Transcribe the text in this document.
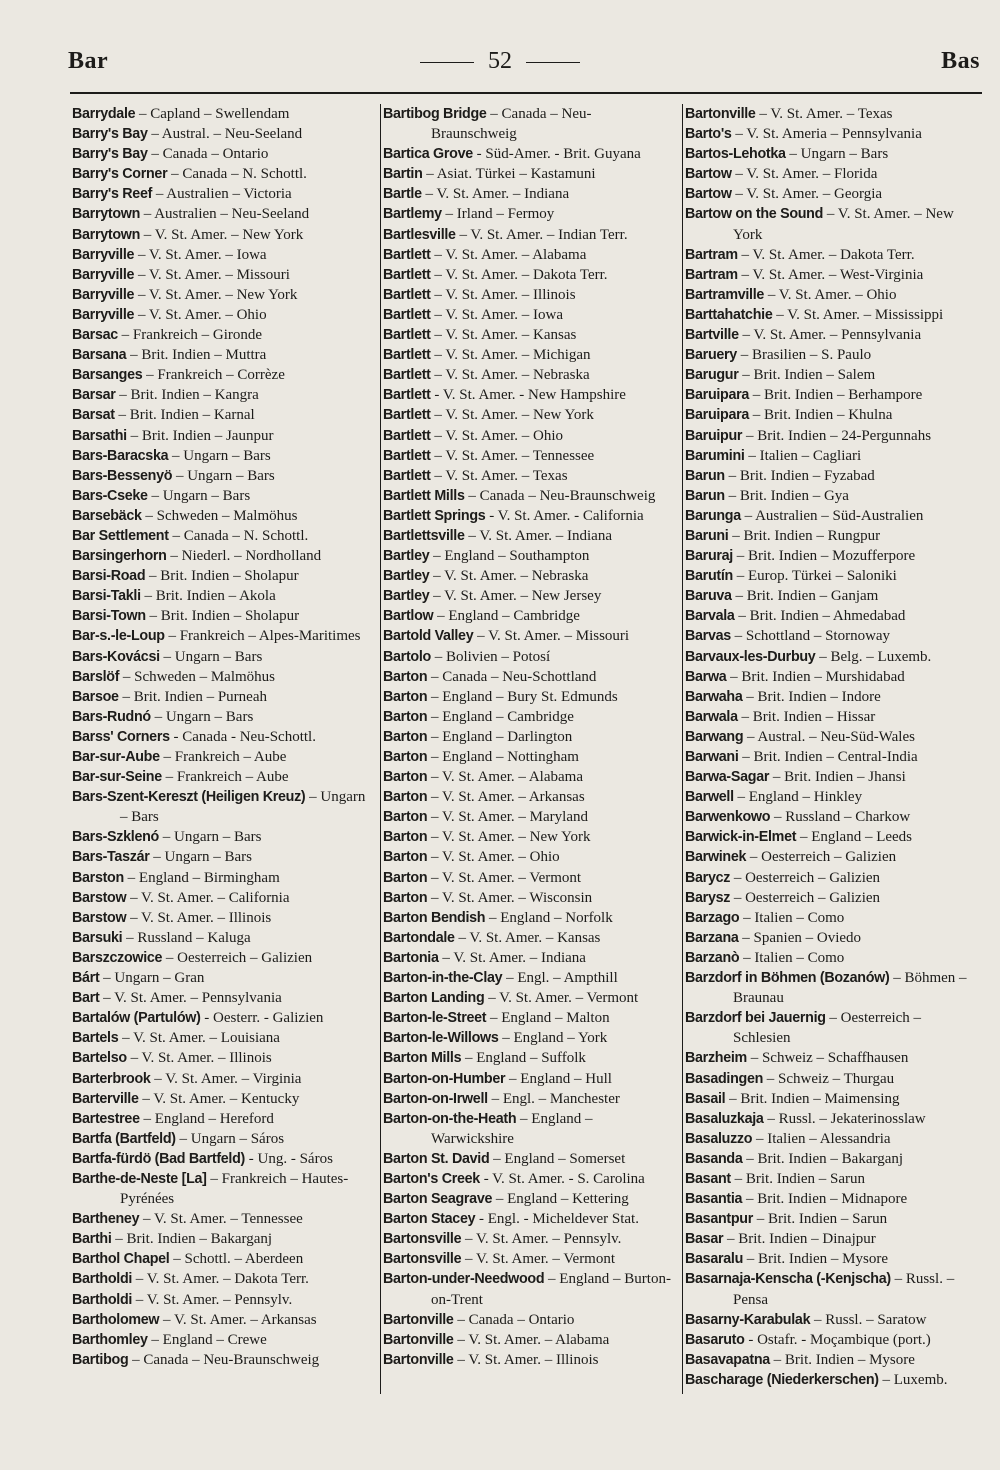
Bar	52	Bas
Barrydale – Capland – Swellendam
Barry's Bay – Austral. – Neu-Seeland
Barry's Bay – Canada – Ontario
Barry's Corner – Canada – N. Schottl.
Barry's Reef – Australien – Victoria
Barrytown – Australien – Neu-Seeland
Barrytown – V. St. Amer. – New York
Barryville – V. St. Amer. – Iowa
Barryville – V. St. Amer. – Missouri
Barryville – V. St. Amer. – New York
Barryville – V. St. Amer. – Ohio
Barsac – Frankreich – Gironde
Barsana – Brit. Indien – Muttra
Barsanges – Frankreich – Corrèze
Barsar – Brit. Indien – Kangra
Barsat – Brit. Indien – Karnal
Barsathi – Brit. Indien – Jaunpur
Bars-Baracska – Ungarn – Bars
Bars-Bessenyö – Ungarn – Bars
Bars-Cseke – Ungarn – Bars
Barsebäck – Schweden – Malmöhus
Bar Settlement – Canada – N. Schottl.
Barsingerhorn – Niederl. – Nordholland
Barsi-Road – Brit. Indien – Sholapur
Barsi-Takli – Brit. Indien – Akola
Barsi-Town – Brit. Indien – Sholapur
Bar-s.-le-Loup – Frankreich – Alpes-Maritimes
Bars-Kovácsi – Ungarn – Bars
Barslöf – Schweden – Malmöhus
Barsoe – Brit. Indien – Purneah
Bars-Rudnó – Ungarn – Bars
Barss' Corners - Canada - Neu-Schottl.
Bar-sur-Aube – Frankreich – Aube
Bar-sur-Seine – Frankreich – Aube
Bars-Szent-Kereszt (Heiligen Kreuz) – Ungarn – Bars
Bars-Szklenó – Ungarn – Bars
Bars-Taszár – Ungarn – Bars
Barston – England – Birmingham
Barstow – V. St. Amer. – California
Barstow – V. St. Amer. – Illinois
Barsuki – Russland – Kaluga
Barszczowice – Oesterreich – Galizien
Bárt – Ungarn – Gran
Bart – V. St. Amer. – Pennsylvania
Bartalów (Partulów) - Oesterr. - Galizien
Bartels – V. St. Amer. – Louisiana
Bartelso – V. St. Amer. – Illinois
Barterbrook – V. St. Amer. – Virginia
Barterville – V. St. Amer. – Kentucky
Bartestree – England – Hereford
Bartfa (Bartfeld) – Ungarn – Sáros
Bartfa-fürdö (Bad Bartfeld) - Ung. - Sáros
Barthe-de-Neste [La] – Frankreich – Hautes-Pyrénées
Bartheney – V. St. Amer. – Tennessee
Barthi – Brit. Indien – Bakarganj
Barthol Chapel – Schottl. – Aberdeen
Bartholdi – V. St. Amer. – Dakota Terr.
Bartholdi – V. St. Amer. – Pennsylv.
Bartholomew – V. St. Amer. – Arkansas
Barthomley – England – Crewe
Bartibog – Canada – Neu-Braunschweig
Bartibog Bridge – Canada – Neu-Braunschweig
Bartica Grove - Süd-Amer. - Brit. Guyana
Bartin – Asiat. Türkei – Kastamuni
Bartle – V. St. Amer. – Indiana
Bartlemy – Irland – Fermoy
Bartlesville – V. St. Amer. – Indian Terr.
Bartlett – V. St. Amer. – Alabama
Bartlett – V. St. Amer. – Dakota Terr.
Bartlett – V. St. Amer. – Illinois
Bartlett – V. St. Amer. – Iowa
Bartlett – V. St. Amer. – Kansas
Bartlett – V. St. Amer. – Michigan
Bartlett – V. St. Amer. – Nebraska
Bartlett - V. St. Amer. - New Hampshire
Bartlett – V. St. Amer. – New York
Bartlett – V. St. Amer. – Ohio
Bartlett – V. St. Amer. – Tennessee
Bartlett – V. St. Amer. – Texas
Bartlett Mills – Canada – Neu-Braunschweig
Bartlett Springs - V. St. Amer. - California
Bartlettsville – V. St. Amer. – Indiana
Bartley – England – Southampton
Bartley – V. St. Amer. – Nebraska
Bartley – V. St. Amer. – New Jersey
Bartlow – England – Cambridge
Bartold Valley – V. St. Amer. – Missouri
Bartolo – Bolivien – Potosí
Barton – Canada – Neu-Schottland
Barton – England – Bury St. Edmunds
Barton – England – Cambridge
Barton – England – Darlington
Barton – England – Nottingham
Barton – V. St. Amer. – Alabama
Barton – V. St. Amer. – Arkansas
Barton – V. St. Amer. – Maryland
Barton – V. St. Amer. – New York
Barton – V. St. Amer. – Ohio
Barton – V. St. Amer. – Vermont
Barton – V. St. Amer. – Wisconsin
Barton Bendish – England – Norfolk
Bartondale – V. St. Amer. – Kansas
Bartonia – V. St. Amer. – Indiana
Barton-in-the-Clay – Engl. – Ampthill
Barton Landing – V. St. Amer. – Vermont
Barton-le-Street – England – Malton
Barton-le-Willows – England – York
Barton Mills – England – Suffolk
Barton-on-Humber – England – Hull
Barton-on-Irwell – Engl. – Manchester
Barton-on-the-Heath – England – Warwickshire
Barton St. David – England – Somerset
Barton's Creek - V. St. Amer. - S. Carolina
Barton Seagrave – England – Kettering
Barton Stacey - Engl. - Micheldever Stat.
Bartonsville – V. St. Amer. – Pennsylv.
Bartonsville – V. St. Amer. – Vermont
Barton-under-Needwood – England – Burton-on-Trent
Bartonville – Canada – Ontario
Bartonville – V. St. Amer. – Alabama
Bartonville – V. St. Amer. – Illinois
Bartonville – V. St. Amer. – Texas
Barto's – V. St. Ameria – Pennsylvania
Bartos-Lehotka – Ungarn – Bars
Bartow – V. St. Amer. – Florida
Bartow – V. St. Amer. – Georgia
Bartow on the Sound – V. St. Amer. – New York
Bartram – V. St. Amer. – Dakota Terr.
Bartram – V. St. Amer. – West-Virginia
Bartramville – V. St. Amer. – Ohio
Barttahatchie – V. St. Amer. – Mississippi
Bartville – V. St. Amer. – Pennsylvania
Baruery – Brasilien – S. Paulo
Barugur – Brit. Indien – Salem
Baruipara – Brit. Indien – Berhampore
Baruipara – Brit. Indien – Khulna
Baruipur – Brit. Indien – 24-Pergunnahs
Barumini – Italien – Cagliari
Barun – Brit. Indien – Fyzabad
Barun – Brit. Indien – Gya
Barunga – Australien – Süd-Australien
Baruni – Brit. Indien – Rungpur
Baruraj – Brit. Indien – Mozufferpore
Barutín – Europ. Türkei – Saloniki
Baruva – Brit. Indien – Ganjam
Barvala – Brit. Indien – Ahmedabad
Barvas – Schottland – Stornoway
Barvaux-les-Durbuy – Belg. – Luxemb.
Barwa – Brit. Indien – Murshidabad
Barwaha – Brit. Indien – Indore
Barwala – Brit. Indien – Hissar
Barwang – Austral. – Neu-Süd-Wales
Barwani – Brit. Indien – Central-India
Barwa-Sagar – Brit. Indien – Jhansi
Barwell – England – Hinkley
Barwenkowo – Russland – Charkow
Barwick-in-Elmet – England – Leeds
Barwinek – Oesterreich – Galizien
Barycz – Oesterreich – Galizien
Barysz – Oesterreich – Galizien
Barzago – Italien – Como
Barzana – Spanien – Oviedo
Barzanò – Italien – Como
Barzdorf in Böhmen (Bozanów) – Böhmen – Braunau
Barzdorf bei Jauernig – Oesterreich – Schlesien
Barzheim – Schweiz – Schaffhausen
Basadingen – Schweiz – Thurgau
Basail – Brit. Indien – Maimensing
Basaluzkaja – Russl. – Jekaterinosslaw
Basaluzzo – Italien – Alessandria
Basanda – Brit. Indien – Bakarganj
Basant – Brit. Indien – Sarun
Basantia – Brit. Indien – Midnapore
Basantpur – Brit. Indien – Sarun
Basar – Brit. Indien – Dinajpur
Basaralu – Brit. Indien – Mysore
Basarnaja-Kenscha (-Kenjscha) – Russl. – Pensa
Basarny-Karabulak – Russl. – Saratow
Basaruto - Ostafr. - Moçambique (port.)
Basavapatna – Brit. Indien – Mysore
Bascharage (Niederkerschen) – Luxemb.
